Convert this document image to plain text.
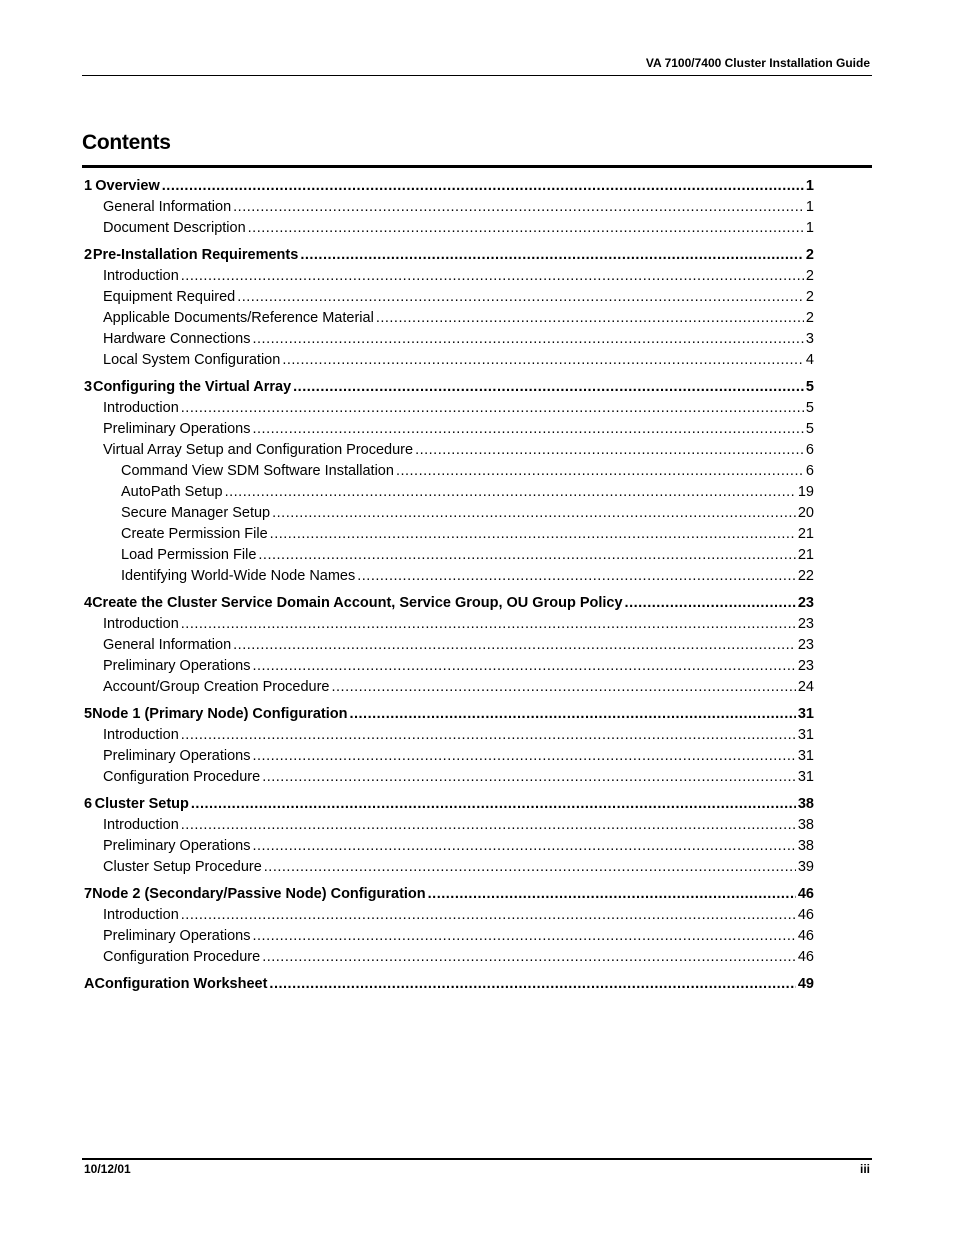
VA 7100/7400 Cluster Installation Guide
Contents
1 Overview .....	1
General Information .....	1
Document Description .....	1
2 Pre-Installation Requirements .....	2
Introduction .....	2
Equipment Required .....	2
Applicable Documents/Reference Material .....	2
Hardware Connections .....	3
Local System Configuration .....	4
3 Configuring the Virtual Array .....	5
Introduction .....	5
Preliminary Operations .....	5
Virtual Array Setup and Configuration Procedure .....	6
Command View SDM Software Installation .....	6
AutoPath Setup .....	19
Secure Manager Setup .....	20
Create Permission File .....	21
Load Permission File .....	21
Identifying World-Wide Node Names .....	22
4 Create the Cluster Service Domain Account, Service Group, OU Group Policy .....	23
Introduction .....	23
General Information .....	23
Preliminary Operations .....	23
Account/Group Creation Procedure .....	24
5 Node 1 (Primary Node) Configuration .....	31
Introduction .....	31
Preliminary Operations .....	31
Configuration Procedure .....	31
6 Cluster Setup .....	38
Introduction .....	38
Preliminary Operations .....	38
Cluster Setup Procedure .....	39
7 Node 2 (Secondary/Passive Node) Configuration .....	46
Introduction .....	46
Preliminary Operations .....	46
Configuration Procedure .....	46
A Configuration Worksheet .....	49
10/12/01	iii
